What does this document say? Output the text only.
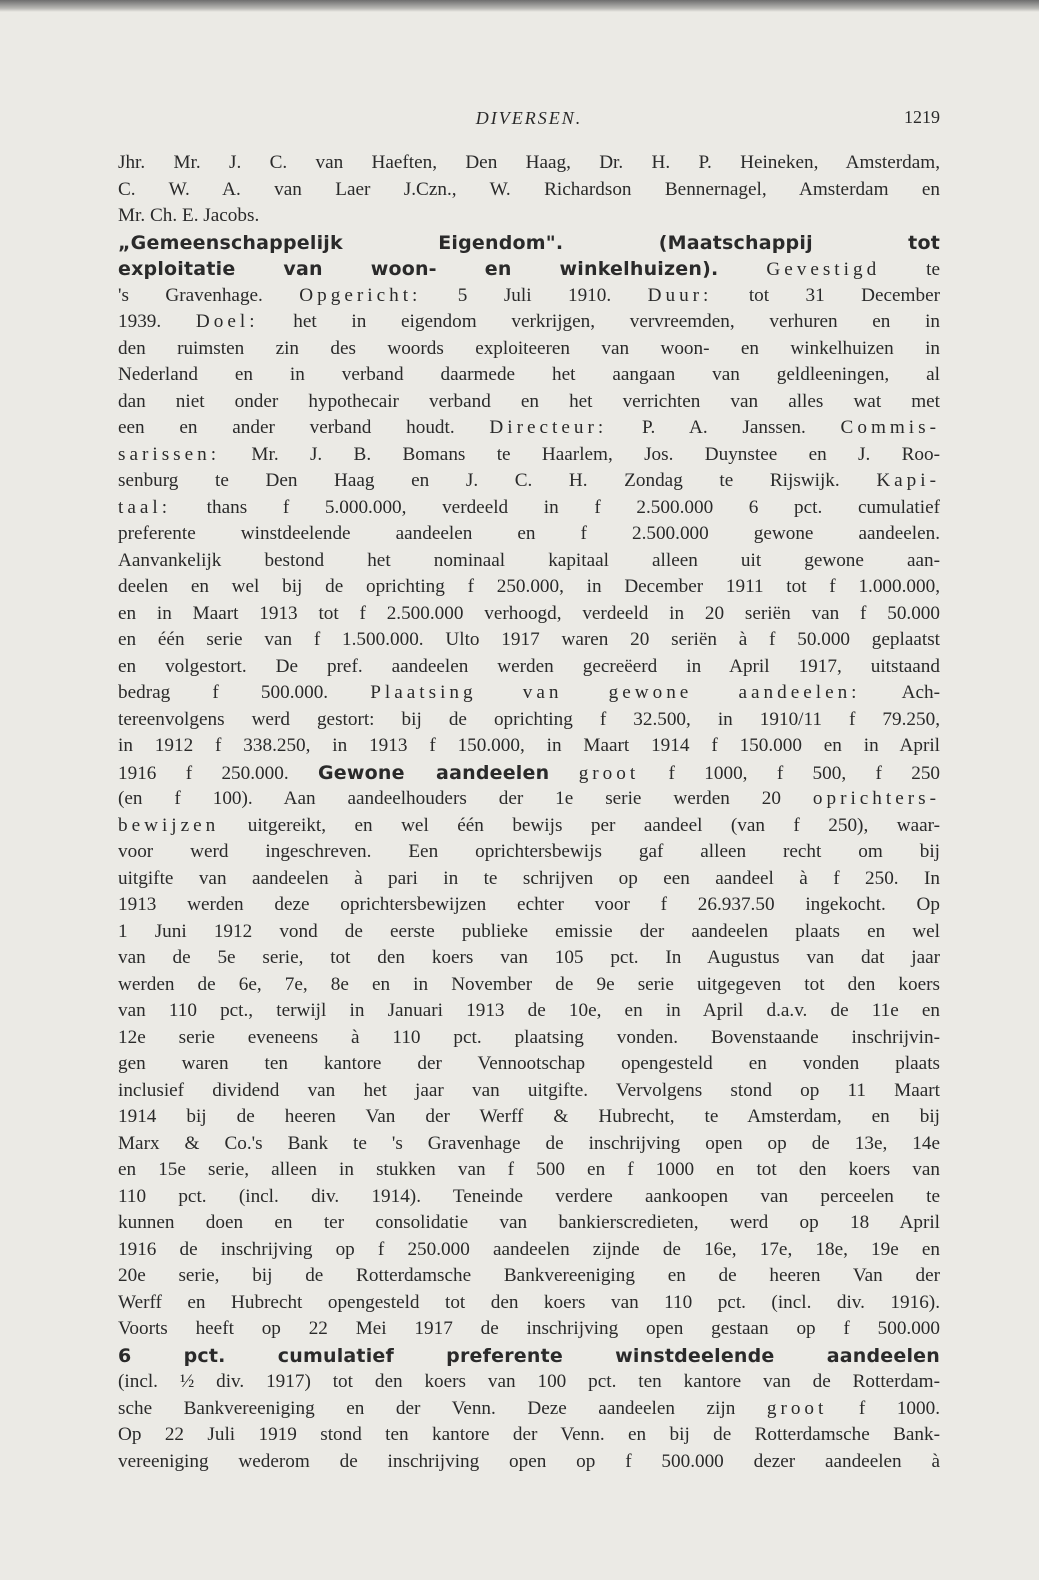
DIVERSEN.	1219
Jhr. Mr. J. C. van Haeften, Den Haag, Dr. H. P. Heineken, Amsterdam,
C. W. A. van Laer J.Czn., W. Richardson Bennernagel, Amsterdam en
Mr. Ch. E. Jacobs.
„Gemeenschappelijk Eigendom". (Maatschappij tot
exploitatie van woon- en winkelhuizen). Gevestigd te
's Gravenhage. Opgericht: 5 Juli 1910. Duur: tot 31 December
1939. Doel: het in eigendom verkrijgen, vervreemden, verhuren en in
den ruimsten zin des woords exploiteeren van woon- en winkelhuizen in
Nederland en in verband daarmede het aangaan van geldleeningen, al
dan niet onder hypothecair verband en het verrichten van alles wat met
een en ander verband houdt. Directeur: P. A. Janssen. Commis-
sarissen: Mr. J. B. Bomans te Haarlem, Jos. Duynstee en J. Roo-
senburg te Den Haag en J. C. H. Zondag te Rijswijk. Kapi-
taal: thans f 5.000.000, verdeeld in f 2.500.000 6 pct. cumulatief
preferente winstdeelende aandeelen en f 2.500.000 gewone aandeelen.
Aanvankelijk bestond het nominaal kapitaal alleen uit gewone aan-
deelen en wel bij de oprichting f 250.000, in December 1911 tot f 1.000.000,
en in Maart 1913 tot f 2.500.000 verhoogd, verdeeld in 20 seriën van f 50.000
en één serie van f 1.500.000. Ulto 1917 waren 20 seriën à f 50.000 geplaatst
en volgestort. De pref. aandeelen werden gecreëerd in April 1917, uitstaand
bedrag f 500.000. Plaatsing van gewone aandeelen: Ach-
tereenvolgens werd gestort: bij de oprichting f 32.500, in 1910/11 f 79.250,
in 1912 f 338.250, in 1913 f 150.000, in Maart 1914 f 150.000 en in April
1916 f 250.000. Gewone aandeelen groot f 1000, f 500, f 250
(en f 100). Aan aandeelhouders der 1e serie werden 20 oprichters-
bewijzen uitgereikt, en wel één bewijs per aandeel (van f 250), waar-
voor werd ingeschreven. Een oprichtersbewijs gaf alleen recht om bij
uitgifte van aandeelen à pari in te schrijven op een aandeel à f 250. In
1913 werden deze oprichtersbewijzen echter voor f 26.937.50 ingekocht. Op
1 Juni 1912 vond de eerste publieke emissie der aandeelen plaats en wel
van de 5e serie, tot den koers van 105 pct. In Augustus van dat jaar
werden de 6e, 7e, 8e en in November de 9e serie uitgegeven tot den koers
van 110 pct., terwijl in Januari 1913 de 10e, en in April d.a.v. de 11e en
12e serie eveneens à 110 pct. plaatsing vonden. Bovenstaande inschrijvin-
gen waren ten kantore der Vennootschap opengesteld en vonden plaats
inclusief dividend van het jaar van uitgifte. Vervolgens stond op 11 Maart
1914 bij de heeren Van der Werff & Hubrecht, te Amsterdam, en bij
Marx & Co.'s Bank te 's Gravenhage de inschrijving open op de 13e, 14e
en 15e serie, alleen in stukken van f 500 en f 1000 en tot den koers van
110 pct. (incl. div. 1914). Teneinde verdere aankoopen van perceelen te
kunnen doen en ter consolidatie van bankierscredieten, werd op 18 April
1916 de inschrijving op f 250.000 aandeelen zijnde de 16e, 17e, 18e, 19e en
20e serie, bij de Rotterdamsche Bankvereeniging en de heeren Van der
Werff en Hubrecht opengesteld tot den koers van 110 pct. (incl. div. 1916).
Voorts heeft op 22 Mei 1917 de inschrijving open gestaan op f 500.000
6 pct. cumulatief preferente winstdeelende aandeelen
(incl. ½ div. 1917) tot den koers van 100 pct. ten kantore van de Rotterdam-
sche Bankvereeniging en der Venn. Deze aandeelen zijn groot f 1000.
Op 22 Juli 1919 stond ten kantore der Venn. en bij de Rotterdamsche Bank-
vereeniging wederom de inschrijving open op f 500.000 dezer aandeelen à
